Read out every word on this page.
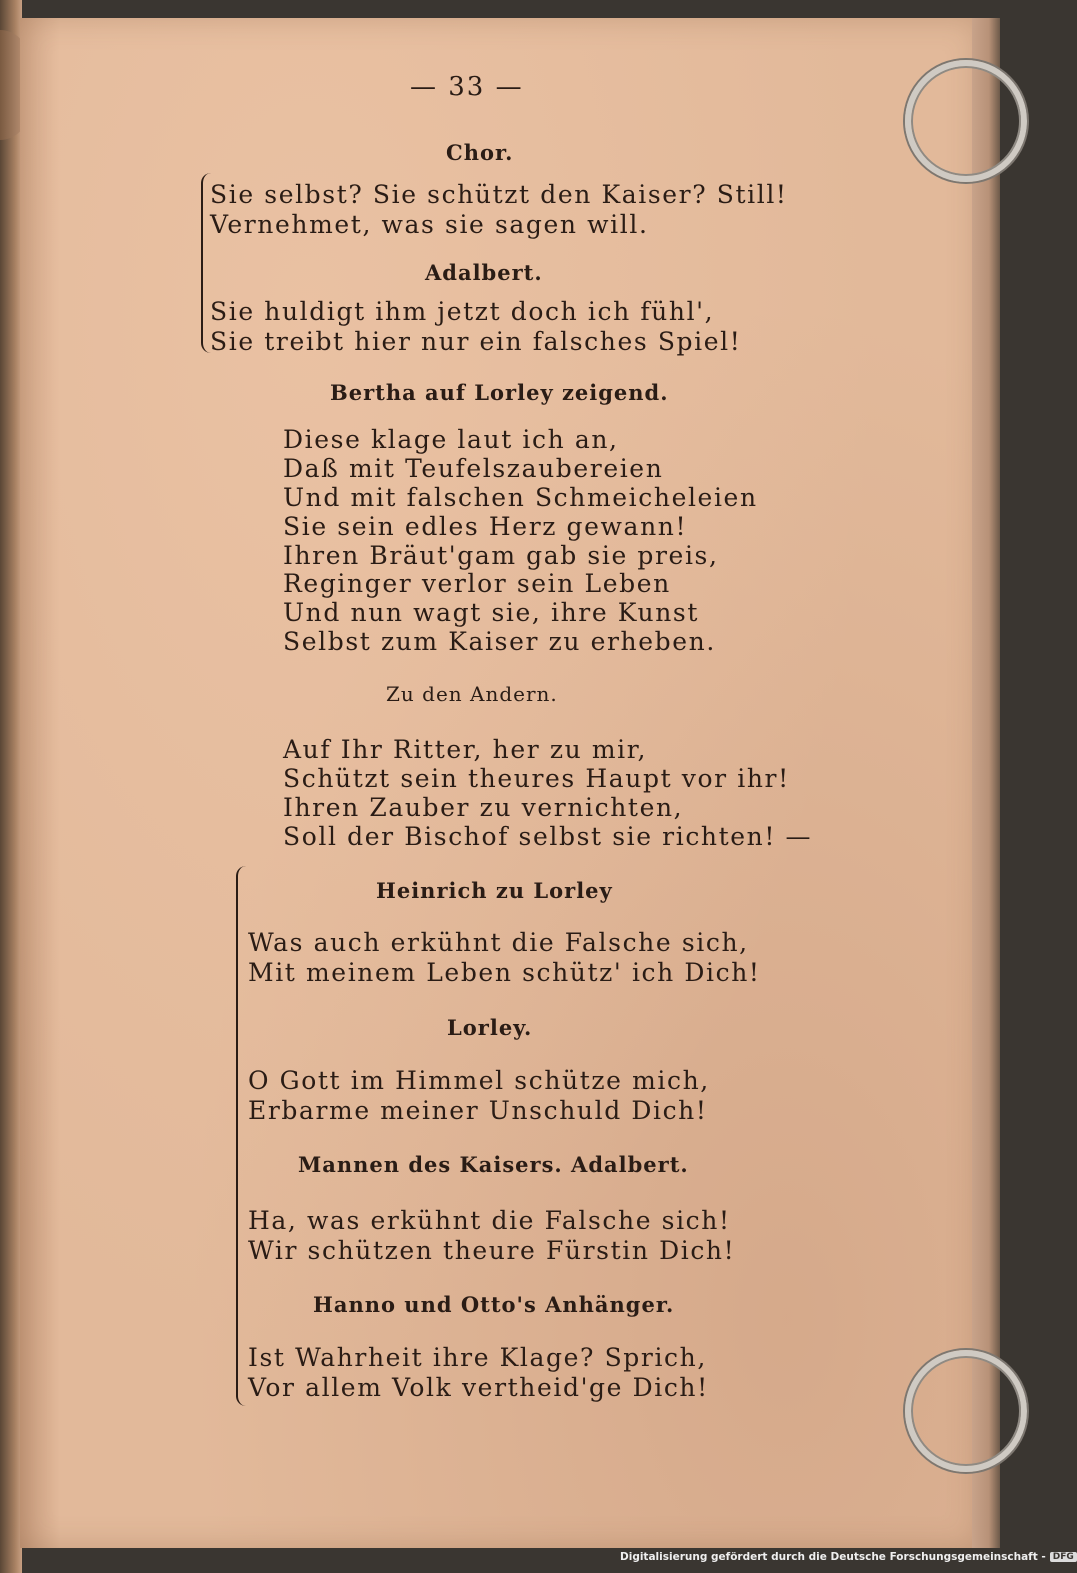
— 33 —
Chor.
Sie selbst? Sie schützt den Kaiser? Still!
Vernehmet, was sie sagen will.
Adalbert.
Sie huldigt ihm jetzt doch ich fühl',
Sie treibt hier nur ein falsches Spiel!
Bertha auf Lorley zeigend.
Diese klage laut ich an,
Daß mit Teufelszaubereien
Und mit falschen Schmeicheleien
Sie sein edles Herz gewann!
Ihren Bräut'gam gab sie preis,
Reginger verlor sein Leben
Und nun wagt sie, ihre Kunst
Selbst zum Kaiser zu erheben.
Zu den Andern.
Auf Ihr Ritter, her zu mir,
Schützt sein theures Haupt vor ihr!
Ihren Zauber zu vernichten,
Soll der Bischof selbst sie richten! —
Heinrich zu Lorley
Was auch erkühnt die Falsche sich,
Mit meinem Leben schütz' ich Dich!
Lorley.
O Gott im Himmel schütze mich,
Erbarme meiner Unschuld Dich!
Mannen des Kaisers. Adalbert.
Ha, was erkühnt die Falsche sich!
Wir schützen theure Fürstin Dich!
Hanno und Otto's Anhänger.
Ist Wahrheit ihre Klage? Sprich,
Vor allem Volk vertheid'ge Dich!
Digitalisierung gefördert durch die Deutsche Forschungsgemeinschaft - DFG
